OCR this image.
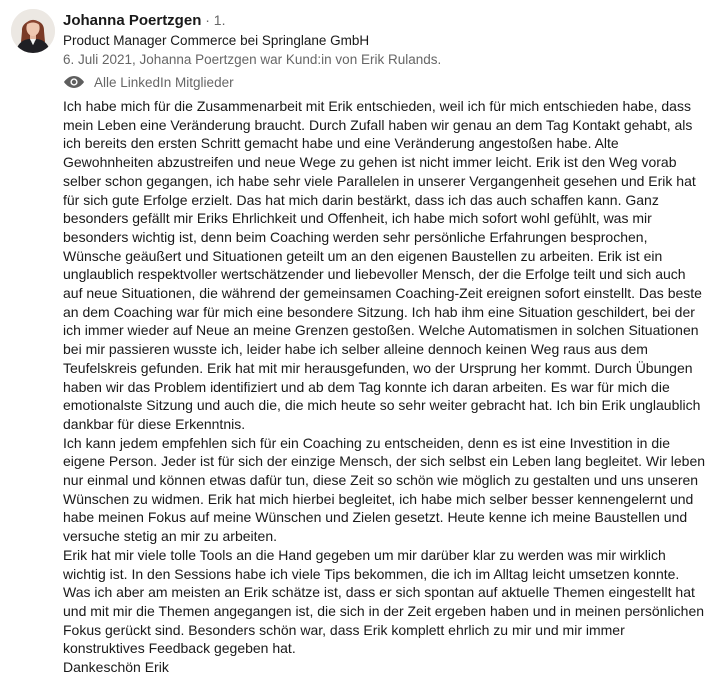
Johanna Poertzgen · 1.
Product Manager Commerce bei Springlane GmbH
6. Juli 2021, Johanna Poertzgen war Kund:in von Erik Rulands.
Alle LinkedIn Mitglieder

Ich habe mich für die Zusammenarbeit mit Erik entschieden, weil ich für mich entschieden habe, dass mein Leben eine Veränderung braucht. Durch Zufall haben wir genau an dem Tag Kontakt gehabt, als ich bereits den ersten Schritt gemacht habe und eine Veränderung angestoßen habe. Alte Gewohnheiten abzustreifen und neue Wege zu gehen ist nicht immer leicht. Erik ist den Weg vorab selber schon gegangen, ich habe sehr viele Parallelen in unserer Vergangenheit gesehen und Erik hat für sich gute Erfolge erzielt. Das hat mich darin bestärkt, dass ich das auch schaffen kann. Ganz besonders gefällt mir Eriks Ehrlichkeit und Offenheit, ich habe mich sofort wohl gefühlt, was mir besonders wichtig ist, denn beim Coaching werden sehr persönliche Erfahrungen besprochen, Wünsche geäußert und Situationen geteilt um an den eigenen Baustellen zu arbeiten. Erik ist ein unglaublich respektvoller wertschätzender und liebevoller Mensch, der die Erfolge teilt und sich auch auf neue Situationen, die während der gemeinsamen Coaching-Zeit ereignen sofort einstellt. Das beste an dem Coaching war für mich eine besondere Sitzung. Ich hab ihm eine Situation geschildert, bei der ich immer wieder auf Neue an meine Grenzen gestoßen. Welche Automatismen in solchen Situationen bei mir passieren wusste ich, leider habe ich selber alleine dennoch keinen Weg raus aus dem Teufelskreis gefunden. Erik hat mit mir herausgefunden, wo der Ursprung her kommt. Durch Übungen haben wir das Problem identifiziert und ab dem Tag konnte ich daran arbeiten. Es war für mich die emotionalste Sitzung und auch die, die mich heute so sehr weiter gebracht hat. Ich bin Erik unglaublich dankbar für diese Erkenntnis.

Ich kann jedem empfehlen sich für ein Coaching zu entscheiden, denn es ist eine Investition in die eigene Person. Jeder ist für sich der einzige Mensch, der sich selbst ein Leben lang begleitet. Wir leben nur einmal und können etwas dafür tun, diese Zeit so schön wie möglich zu gestalten und uns unseren Wünschen zu widmen. Erik hat mich hierbei begleitet, ich habe mich selber besser kennengelernt und habe meinen Fokus auf meine Wünschen und Zielen gesetzt. Heute kenne ich meine Baustellen und versuche stetig an mir zu arbeiten.

Erik hat mir viele tolle Tools an die Hand gegeben um mir darüber klar zu werden was mir wirklich wichtig ist. In den Sessions habe ich viele Tips bekommen, die ich im Alltag leicht umsetzen konnte. Was ich aber am meisten an Erik schätze ist, dass er sich spontan auf aktuelle Themen eingestellt hat und mit mir die Themen angegangen ist, die sich in der Zeit ergeben haben und in meinen persönlichen Fokus gerückt sind. Besonders schön war, dass Erik komplett ehrlich zu mir und mir immer konstruktives Feedback gegeben hat.

Dankeschön Erik
